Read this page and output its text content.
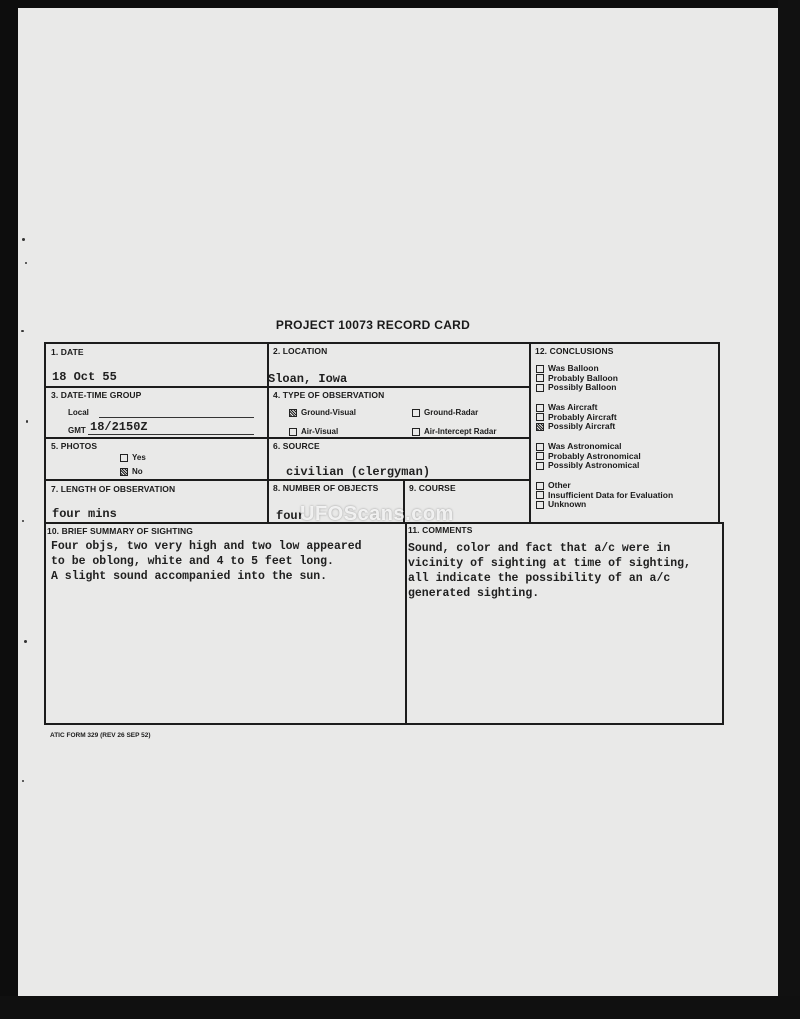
PROJECT 10073 RECORD CARD
1. DATE
18 Oct 55
2. LOCATION
Sloan, Iowa
3. DATE-TIME GROUP
Local
GMT 18/2150Z
4. TYPE OF OBSERVATION
Ground-Visual	Ground-Radar
Air-Visual	Air-Intercept Radar
5. PHOTOS
Yes
No
6. SOURCE
civilian (clergyman)
7. LENGTH OF OBSERVATION
four mins
8. NUMBER OF OBJECTS
four
9. COURSE
10. BRIEF SUMMARY OF SIGHTING
Four objs, two very high and two low appeared
to be oblong, white and 4 to 5 feet long.
A slight sound accompanied into the sun.
11. COMMENTS
Sound, color and fact that a/c were in
vicinity of sighting at time of sighting,
all indicate the possibility of an a/c
generated sighting.
12. CONCLUSIONS
Was Balloon
Probably Balloon
Possibly Balloon
Was Aircraft
Probably Aircraft
Possibly Aircraft
Was Astronomical
Probably Astronomical
Possibly Astronomical
Other
Insufficient Data for Evaluation
Unknown
ATIC FORM 329 (REV 26 SEP 52)
UFOScans.com
